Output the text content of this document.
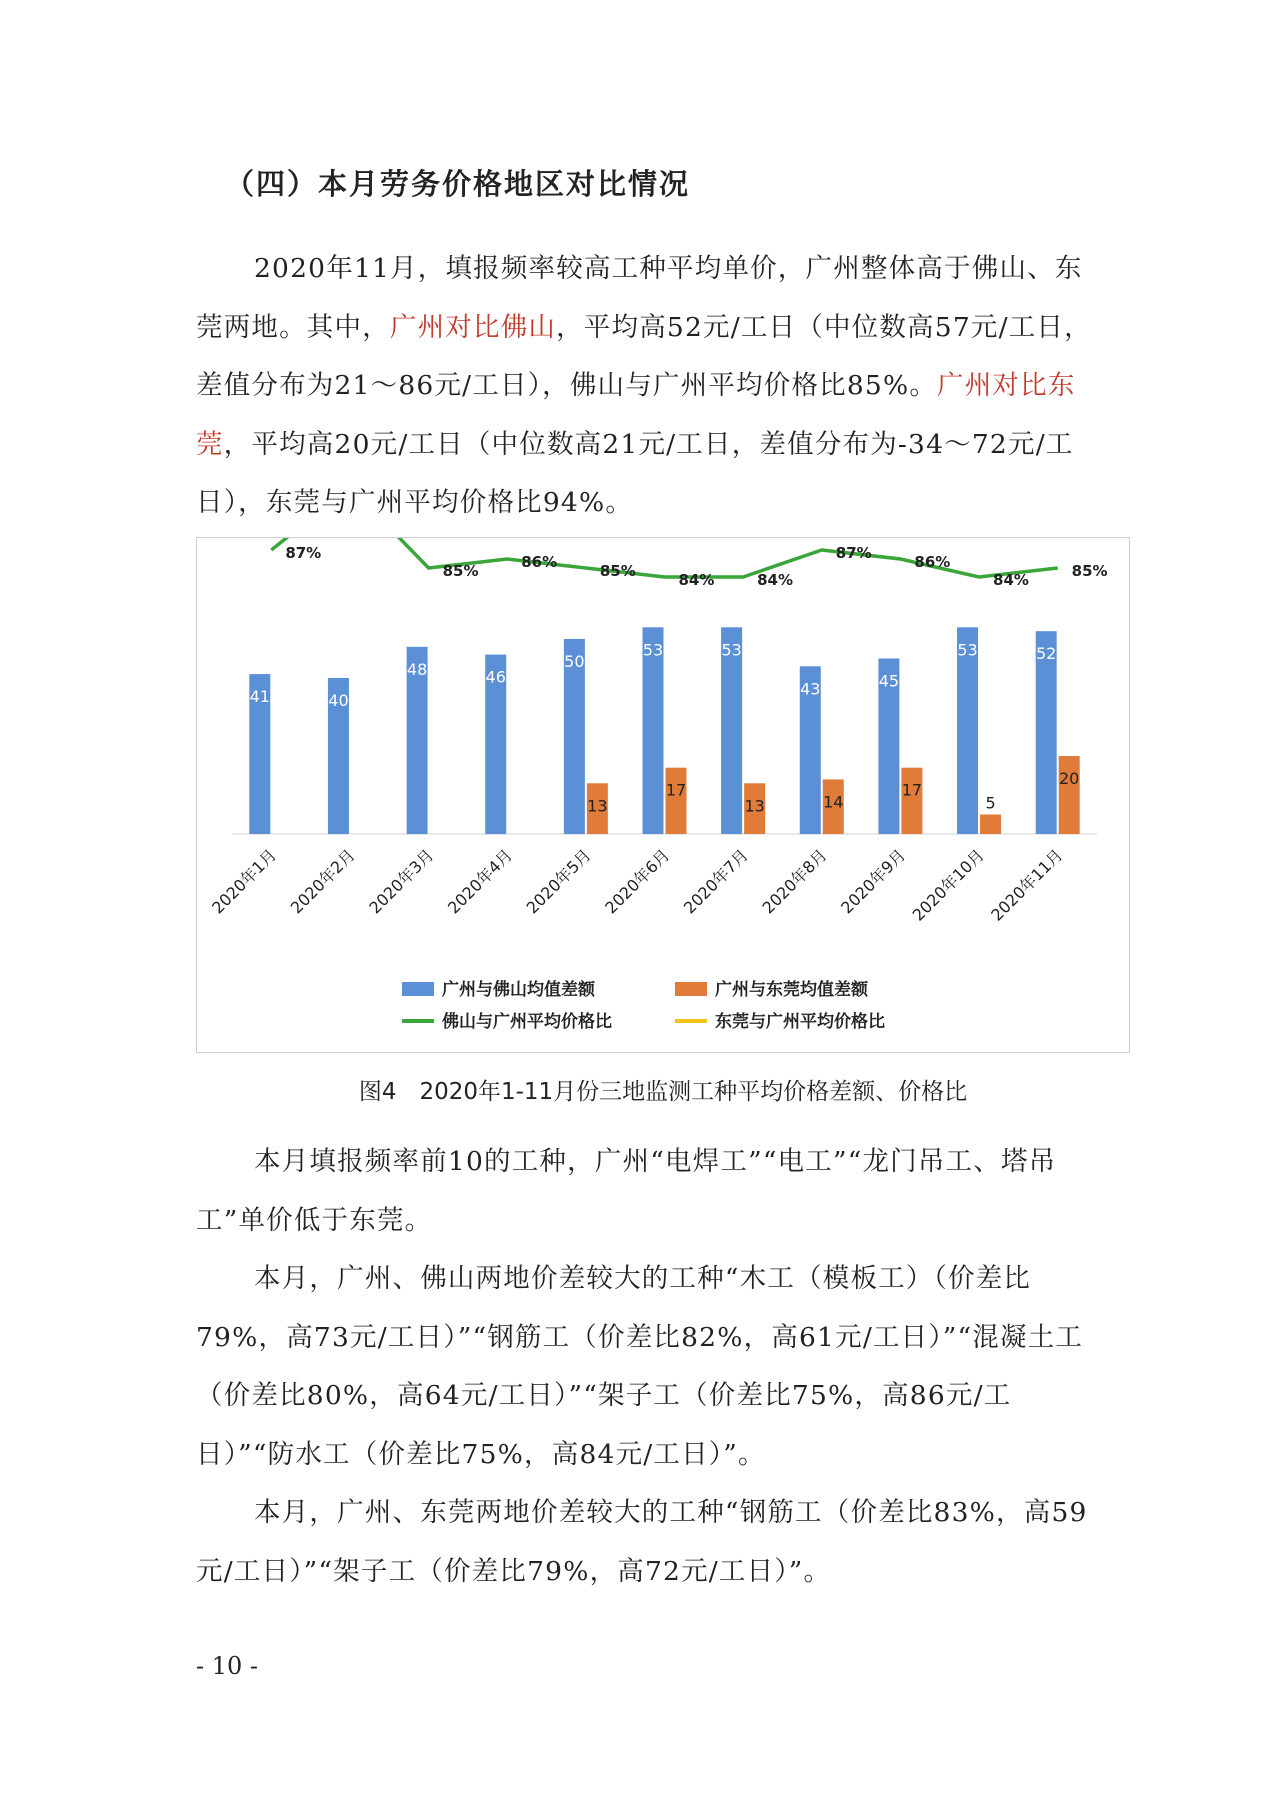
（四）本月劳务价格地区对比情况
2020年11月，填报频率较高工种平均单价，广州整体高于佛山、东莞两地。其中，广州对比佛山，平均高52元/工日（中位数高57元/工日，差值分布为21～86元/工日），佛山与广州平均价格比85%。广州对比东莞，平均高20元/工日（中位数高21元/工日，差值分布为-34～72元/工日），东莞与广州平均价格比94%。
41
2020年1月
40
2020年2月
48
2020年3月
46
2020年4月
50
13
2020年5月
53
17
2020年6月
53
13
2020年7月
43
14
2020年8月
45
17
2020年9月
53
5
2020年10月
52
20
2020年11月
87%
85%	86%	85%	84%	84%
87%	86%
84%	85%
广州与佛山均值差额	广州与东莞均值差额
佛山与广州平均价格比	东莞与广州平均价格比
图4　2020年1-11月份三地监测工种平均价格差额、价格比
本月填报频率前10的工种，广州“电焊工”“电工”“龙门吊工、塔吊工”单价低于东莞。
本月，广州、佛山两地价差较大的工种“木工（模板工）（价差比79%，高73元/工日）”“钢筋工（价差比82%，高61元/工日）”“混凝土工（价差比80%，高64元/工日）”“架子工（价差比75%，高86元/工日）”“防水工（价差比75%，高84元/工日）”。
本月，广州、东莞两地价差较大的工种“钢筋工（价差比83%，高59元/工日）”“架子工（价差比79%，高72元/工日）”。
- 10 -
